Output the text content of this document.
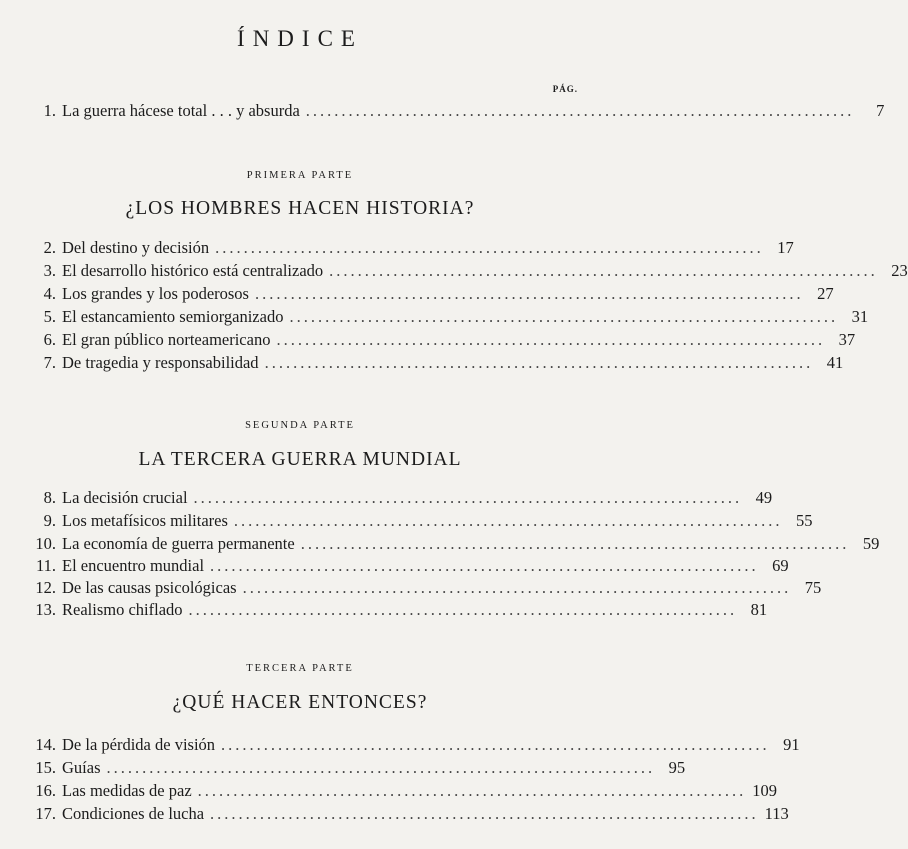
ÍNDICE
PÁG.
1. La guerra hácese total . . . y absurda .............................................................................	7
PRIMERA PARTE
¿LOS HOMBRES HACEN HISTORIA?
2. Del destino y decisión ............................................................................. 17
3. El desarrollo histórico está centralizado ............................................................................. 23
4. Los grandes y los poderosos ............................................................................. 27
5. El estancamiento semiorganizado ............................................................................. 31
6. El gran público norteamericano ............................................................................. 37
7. De tragedia y responsabilidad ............................................................................. 41
SEGUNDA PARTE
LA TERCERA GUERRA MUNDIAL
8. La decisión crucial ............................................................................. 49
9. Los metafísicos militares ............................................................................. 55
10. La economía de guerra permanente ............................................................................. 59
11. El encuentro mundial ............................................................................. 69
12. De las causas psicológicas ............................................................................. 75
13. Realismo chiflado ............................................................................. 81
TERCERA PARTE
¿QUÉ HACER ENTONCES?
14. De la pérdida de visión ............................................................................. 91
15. Guías ............................................................................. 95
16. Las medidas de paz ............................................................................. 109
17. Condiciones de lucha ............................................................................. 113
